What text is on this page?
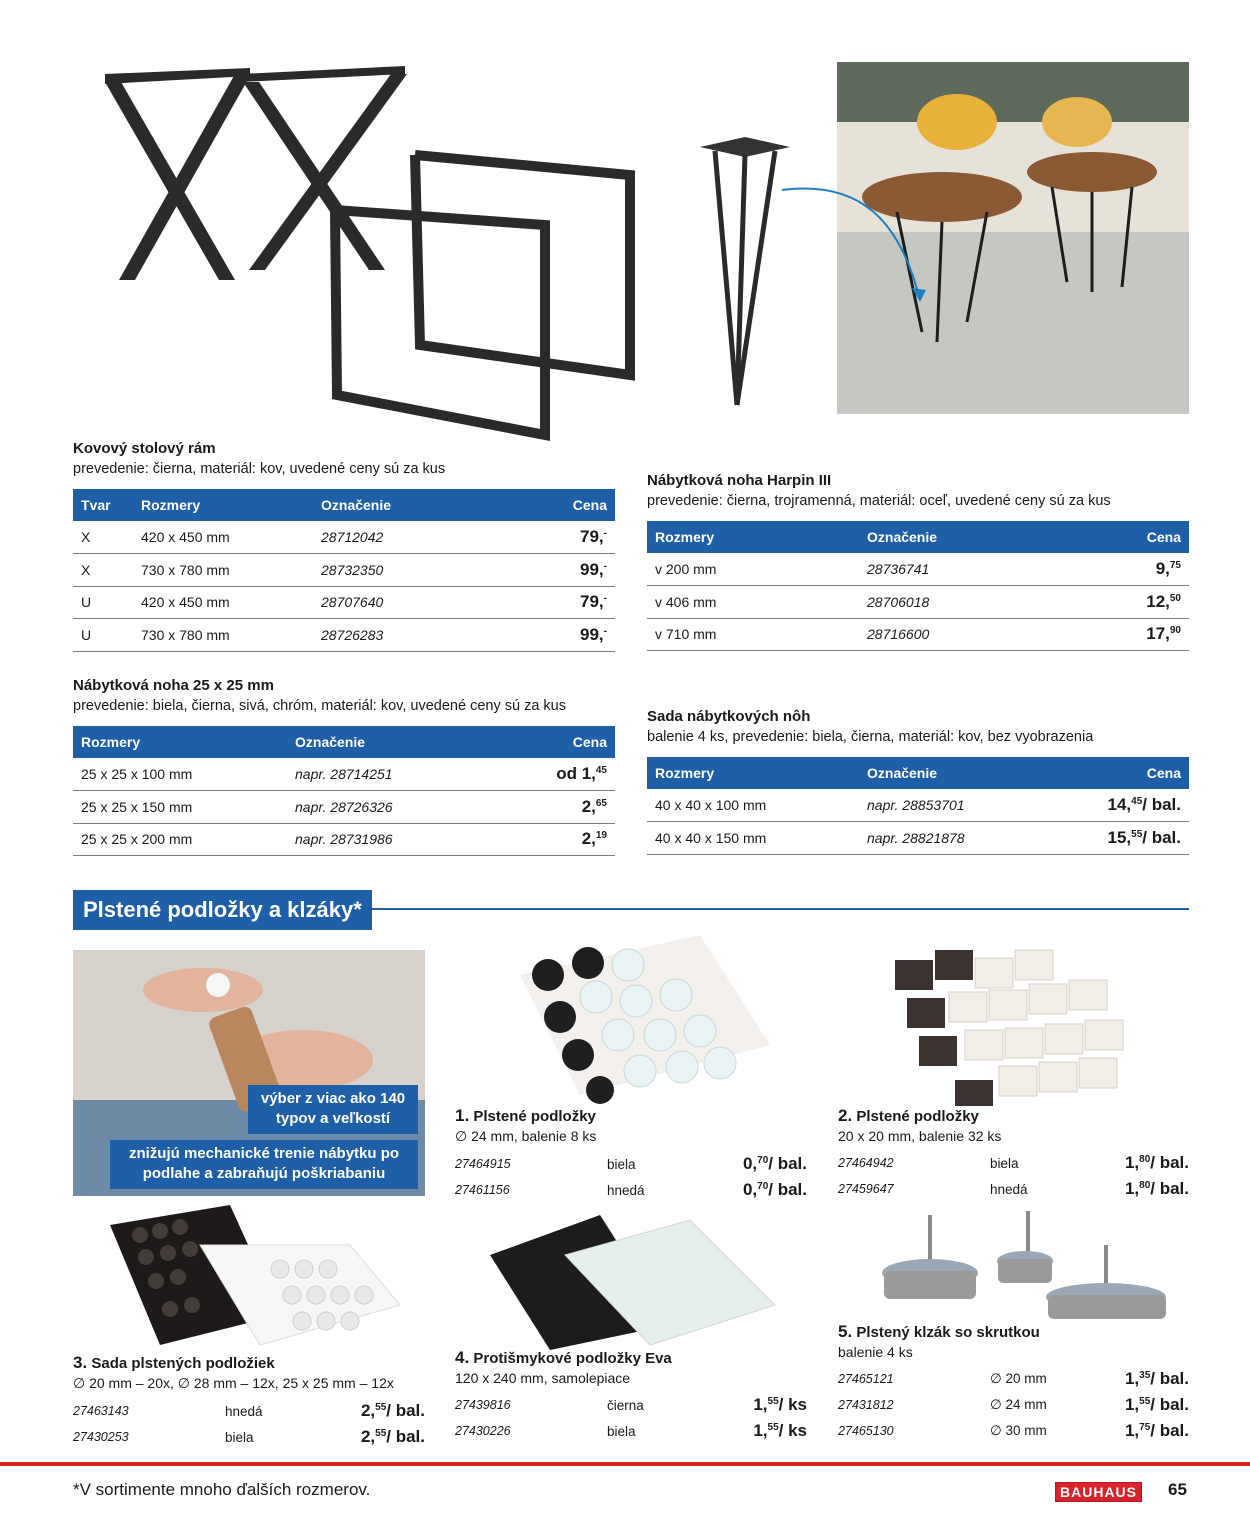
Kovový stolový rám
prevedenie: čierna, materiál: kov, uvedené ceny sú za kus
Tvar	Rozmery	Označenie	Cena
X	420 x 450 mm	28712042	79,-
X	730 x 780 mm	28732350	99,-
U	420 x 450 mm	28707640	79,-
U	730 x 780 mm	28726283	99,-
Nábytková noha Harpin III
prevedenie: čierna, trojramenná, materiál: oceľ, uvedené ceny sú za kus
Rozmery	Označenie	Cena
v 200 mm	28736741	9,75
v 406 mm	28706018	12,50
v 710 mm	28716600	17,90
Nábytková noha 25 x 25 mm
prevedenie: biela, čierna, sivá, chróm, materiál: kov, uvedené ceny sú za kus
Rozmery	Označenie	Cena
25 x 25 x 100 mm	napr. 28714251	od 1,45
25 x 25 x 150 mm	napr. 28726326	2,65
25 x 25 x 200 mm	napr. 28731986	2,19
Sada nábytkových nôh
balenie 4 ks, prevedenie: biela, čierna, materiál: kov, bez vyobrazenia
Rozmery	Označenie	Cena
40 x 40 x 100 mm	napr. 28853701	14,45/ bal.
40 x 40 x 150 mm	napr. 28821878	15,55/ bal.
Plstené podložky a klzáky*
výber z viac ako 140 typov a veľkostí
znižujú mechanické trenie nábytku po podlahe a zabraňujú poškriabaniu
1. Plstené podložky
∅ 24 mm, balenie 8 ks
27464915	biela	0,70/ bal.
27461156	hnedá	0,70/ bal.
2. Plstené podložky
20 x 20 mm, balenie 32 ks
27464942	biela	1,80/ bal.
27459647	hnedá	1,80/ bal.
3. Sada plstených podložiek
∅ 20 mm – 20x, ∅ 28 mm – 12x, 25 x 25 mm – 12x
27463143	hnedá	2,55/ bal.
27430253	biela	2,55/ bal.
4. Protišmykové podložky Eva
120 x 240 mm, samolepiace
27439816	čierna	1,55/ ks
27430226	biela	1,55/ ks
5. Plstený klzák so skrutkou
balenie 4 ks
27465121	∅ 20 mm	1,35/ bal.
27431812	∅ 24 mm	1,55/ bal.
27465130	∅ 30 mm	1,75/ bal.
*V sortimente mnoho ďalších rozmerov.	BAUHAUS 65
